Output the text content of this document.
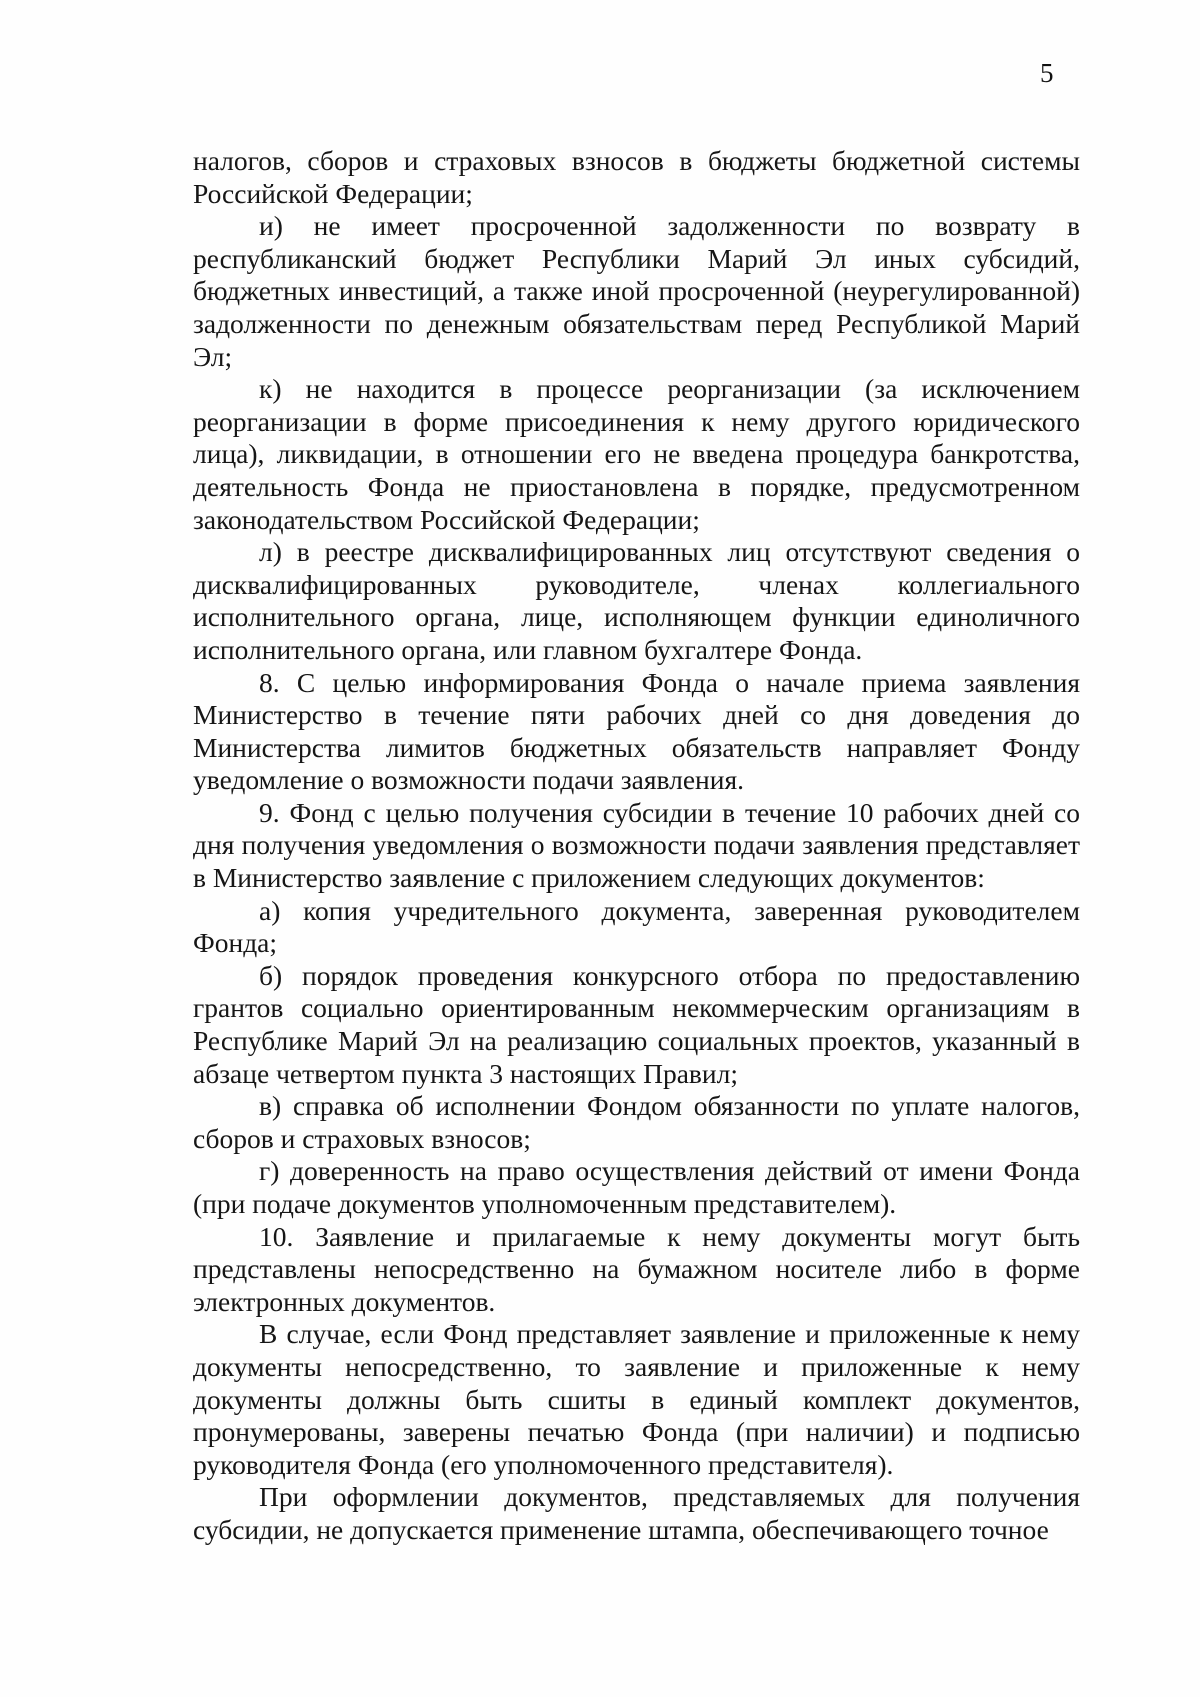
5

налогов, сборов и страховых взносов в бюджеты бюджетной системы Российской Федерации;

и) не имеет просроченной задолженности по возврату в республиканский бюджет Республики Марий Эл иных субсидий, бюджетных инвестиций, а также иной просроченной (неурегулированной) задолженности по денежным обязательствам перед Республикой Марий Эл;

к) не находится в процессе реорганизации (за исключением реорганизации в форме присоединения к нему другого юридического лица), ликвидации, в отношении его не введена процедура банкротства, деятельность Фонда не приостановлена в порядке, предусмотренном законодательством Российской Федерации;

л) в реестре дисквалифицированных лиц отсутствуют сведения о дисквалифицированных руководителе, членах коллегиального исполнительного органа, лице, исполняющем функции единоличного исполнительного органа, или главном бухгалтере Фонда.

8. С целью информирования Фонда о начале приема заявления Министерство в течение пяти рабочих дней со дня доведения до Министерства лимитов бюджетных обязательств направляет Фонду уведомление о возможности подачи заявления.

9. Фонд с целью получения субсидии в течение 10 рабочих дней со дня получения уведомления о возможности подачи заявления представляет в Министерство заявление с приложением следующих документов:

а) копия учредительного документа, заверенная руководителем Фонда;

б) порядок проведения конкурсного отбора по предоставлению грантов социально ориентированным некоммерческим организациям в Республике Марий Эл на реализацию социальных проектов, указанный в абзаце четвертом пункта 3 настоящих Правил;

в) справка об исполнении Фондом обязанности по уплате налогов, сборов и страховых взносов;

г) доверенность на право осуществления действий от имени Фонда (при подаче документов уполномоченным представителем).

10. Заявление и прилагаемые к нему документы могут быть представлены непосредственно на бумажном носителе либо в форме электронных документов.

В случае, если Фонд представляет заявление и приложенные к нему документы непосредственно, то заявление и приложенные к нему документы должны быть сшиты в единый комплект документов, пронумерованы, заверены печатью Фонда (при наличии) и подписью руководителя Фонда (его уполномоченного представителя).

При оформлении документов, представляемых для получения субсидии, не допускается применение штампа, обеспечивающего точное
